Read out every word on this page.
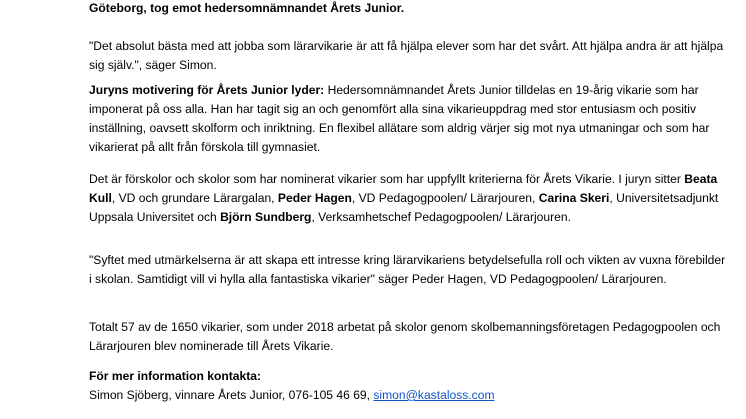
Göteborg, tog emot hedersomnämnandet Årets Junior.

"Det absolut bästa med att jobba som lärarvikarie är att få hjälpa elever som har det svårt. Att hjälpa andra är att hjälpa sig själv.", säger Simon.

Juryns motivering för Årets Junior lyder: Hedersomnämnandet Årets Junior tilldelas en 19-årig vikarie som har imponerat på oss alla. Han har tagit sig an och genomfört alla sina vikarieuppdrag med stor entusiasm och positiv inställning, oavsett skolform och inriktning. En flexibel allätare som aldrig värjer sig mot nya utmaningar och som har vikarierat på allt från förskola till gymnasiet.

Det är förskolor och skolor som har nominerat vikarier som har uppfyllt kriterierna för Årets Vikarie. I juryn sitter Beata Kull, VD och grundare Lärargalan, Peder Hagen, VD Pedagogpoolen/ Lärarjouren, Carina Skeri, Universitetsadjunkt Uppsala Universitet och Björn Sundberg, Verksamhetschef Pedagogpoolen/ Lärarjouren.

"Syftet med utmärkelserna är att skapa ett intresse kring lärarvikariens betydelsefulla roll och vikten av vuxna förebilder i skolan. Samtidigt vill vi hylla alla fantastiska vikarier" säger Peder Hagen, VD Pedagogpoolen/ Lärarjouren.

Totalt 57 av de 1650 vikarier, som under 2018 arbetat på skolor genom skolbemanningsföretagen Pedagogpoolen och Lärarjouren blev nominerade till Årets Vikarie.

För mer information kontakta:
Simon Sjöberg, vinnare Årets Junior, 076-105 46 69, simon@kastaloss.com
